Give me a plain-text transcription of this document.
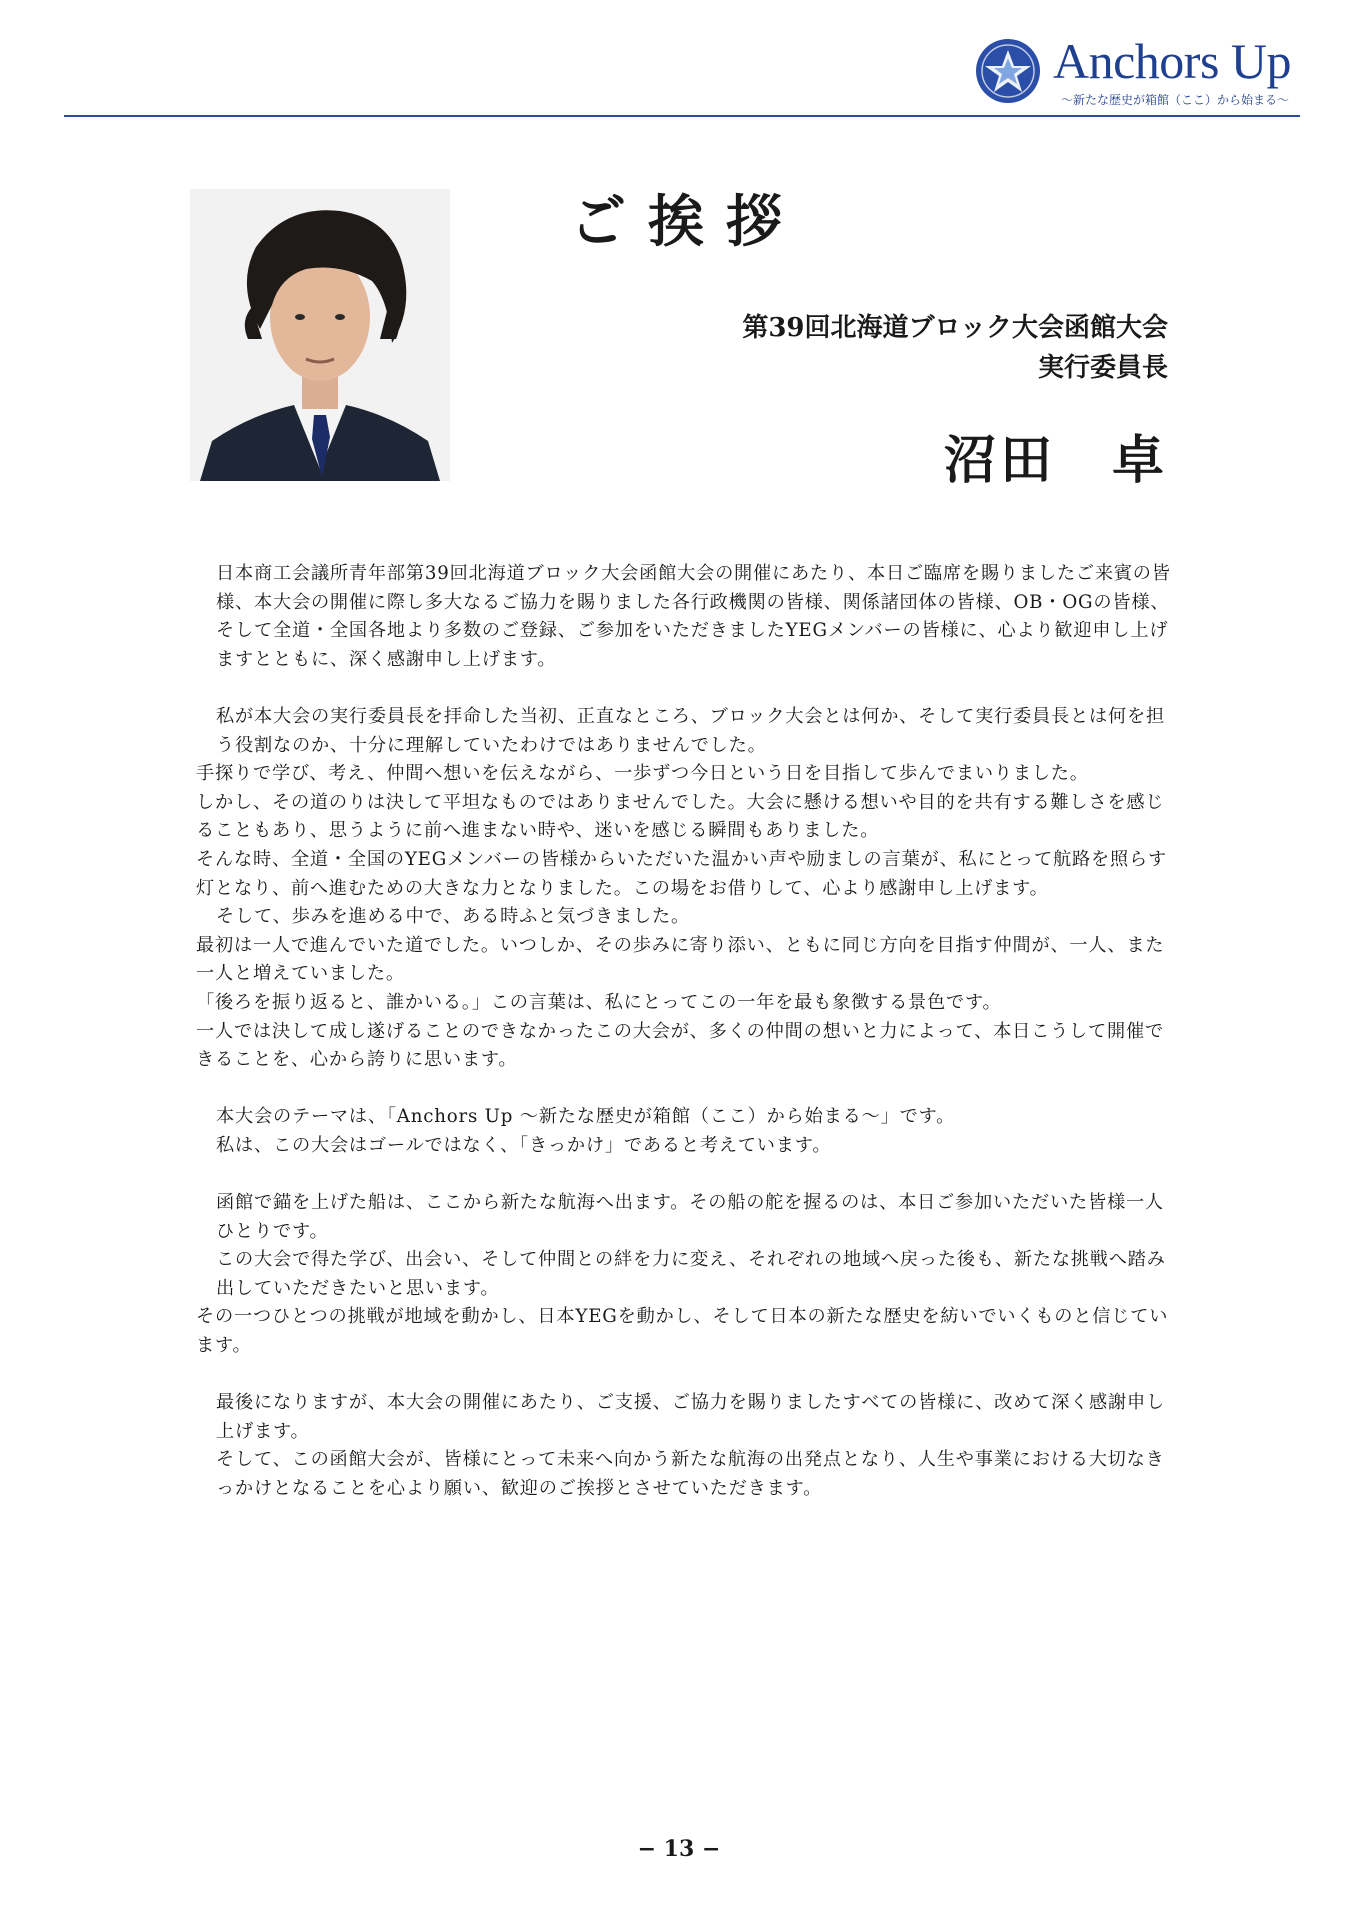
Anchors Up
〜新たな歴史が箱館（ここ）から始まる〜
ご挨拶
第39回北海道ブロック大会函館大会
実行委員長
沼田　卓

日本商工会議所青年部第39回北海道ブロック大会函館大会の開催にあたり、本日ご臨席を賜りましたご来賓の皆様、本大会の開催に際し多大なるご協力を賜りました各行政機関の皆様、関係諸団体の皆様、OB・OGの皆様、そして全道・全国各地より多数のご登録、ご参加をいただきましたYEGメンバーの皆様に、心より歓迎申し上げますとともに、深く感謝申し上げます。

私が本大会の実行委員長を拝命した当初、正直なところ、ブロック大会とは何か、そして実行委員長とは何を担う役割なのか、十分に理解していたわけではありませんでした。

手探りで学び、考え、仲間へ想いを伝えながら、一歩ずつ今日という日を目指して歩んでまいりました。

しかし、その道のりは決して平坦なものではありませんでした。大会に懸ける想いや目的を共有する難しさを感じることもあり、思うように前へ進まない時や、迷いを感じる瞬間もありました。

そんな時、全道・全国のYEGメンバーの皆様からいただいた温かい声や励ましの言葉が、私にとって航路を照らす灯となり、前へ進むための大きな力となりました。この場をお借りして、心より感謝申し上げます。

そして、歩みを進める中で、ある時ふと気づきました。

最初は一人で進んでいた道でした。いつしか、その歩みに寄り添い、ともに同じ方向を目指す仲間が、一人、また一人と増えていました。

「後ろを振り返ると、誰かいる。」この言葉は、私にとってこの一年を最も象徴する景色です。

一人では決して成し遂げることのできなかったこの大会が、多くの仲間の想いと力によって、本日こうして開催できることを、心から誇りに思います。

本大会のテーマは、「Anchors Up 〜新たな歴史が箱館（ここ）から始まる〜」です。

私は、この大会はゴールではなく、「きっかけ」であると考えています。

函館で錨を上げた船は、ここから新たな航海へ出ます。その船の舵を握るのは、本日ご参加いただいた皆様一人ひとりです。

この大会で得た学び、出会い、そして仲間との絆を力に変え、それぞれの地域へ戻った後も、新たな挑戦へ踏み出していただきたいと思います。

その一つひとつの挑戦が地域を動かし、日本YEGを動かし、そして日本の新たな歴史を紡いでいくものと信じています。

最後になりますが、本大会の開催にあたり、ご支援、ご協力を賜りましたすべての皆様に、改めて深く感謝申し上げます。

そして、この函館大会が、皆様にとって未来へ向かう新たな航海の出発点となり、人生や事業における大切なきっかけとなることを心より願い、歓迎のご挨拶とさせていただきます。

− 13 −
